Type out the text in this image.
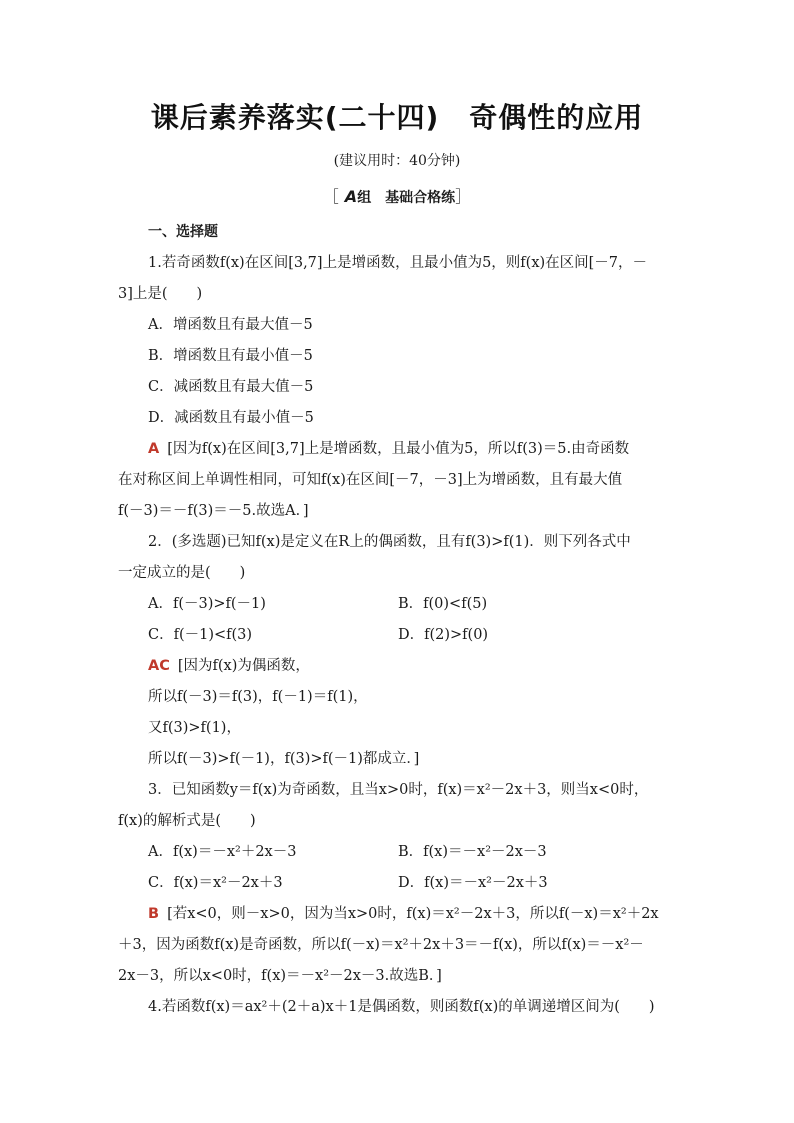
课后素养落实(二十四) 奇偶性的应用
(建议用时：40分钟)
［ A组　基础合格练］
一、选择题
1.若奇函数f(x)在区间[3,7]上是增函数，且最小值为5，则f(x)在区间[－7，－
3]上是(　　)
A．增函数且有最大值－5
B．增函数且有最小值－5
C．减函数且有最大值－5
D．减函数且有最小值－5
A [因为f(x)在区间[3,7]上是增函数，且最小值为5，所以f(3)＝5.由奇函数
在对称区间上单调性相同，可知f(x)在区间[－7，－3]上为增函数，且有最大值
f(－3)＝－f(3)＝－5.故选A．]
2．(多选题)已知f(x)是定义在R上的偶函数，且有f(3)>f(1)．则下列各式中
一定成立的是(　　)
A．f(－3)>f(－1)	B．f(0)<f(5)
C．f(－1)<f(3)	D．f(2)>f(0)
AC [因为f(x)为偶函数，
所以f(－3)＝f(3)，f(－1)＝f(1)，
又f(3)>f(1)，
所以f(－3)>f(－1)，f(3)>f(－1)都成立．]
3．已知函数y＝f(x)为奇函数，且当x>0时，f(x)＝x²－2x＋3，则当x<0时，
f(x)的解析式是(　　)
A．f(x)＝－x²＋2x－3	B．f(x)＝－x²－2x－3
C．f(x)＝x²－2x＋3	D．f(x)＝－x²－2x＋3
B [若x<0，则－x>0，因为当x>0时，f(x)＝x²－2x＋3，所以f(－x)＝x²＋2x
＋3，因为函数f(x)是奇函数，所以f(－x)＝x²＋2x＋3＝－f(x)，所以f(x)＝－x²－
2x－3，所以x<0时，f(x)＝－x²－2x－3.故选B．]
4.若函数f(x)＝ax²＋(2＋a)x＋1是偶函数，则函数f(x)的单调递增区间为(　　)
